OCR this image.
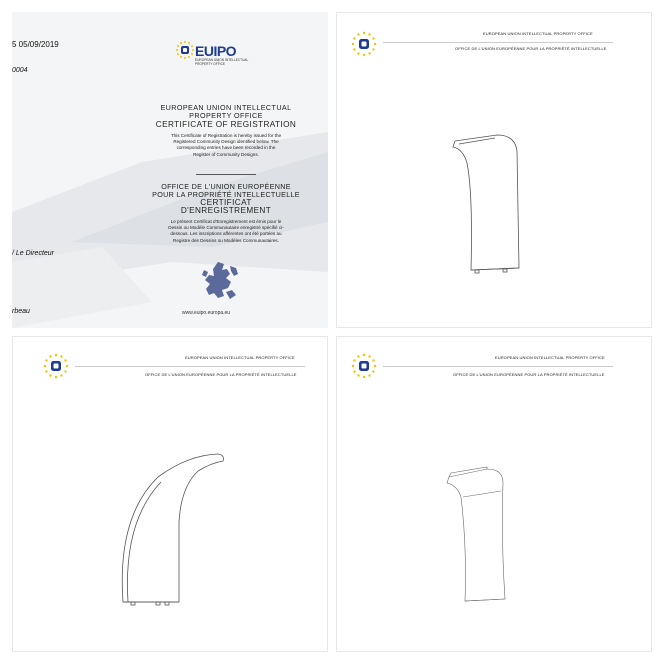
5 05/09/2019
0004
EUIPO
EUROPEAN UNION INTELLECTUAL PROPERTY OFFICE
EUROPEAN UNION INTELLECTUAL
PROPERTY OFFICE
CERTIFICATE OF REGISTRATION
This Certificate of Registration is hereby issued for the Registered Community Design identified below. The corresponding entries have been recorded in the Register of Community Designs.
OFFICE DE L'UNION EUROPÉENNE
POUR LA PROPRIÉTÉ INTELLECTUELLE
CERTIFICAT
D'ENREGISTREMENT
Le présent Certificat d'Enregistrement est émis pour le Dessin ou Modèle Communautaire enregistré spécifié ci-dessous. Les inscriptions afférentes ont été portées au Registre des Dessins ou Modèles Communautaires.
/ Le Directeur
rbeau	www.euipo.europa.eu
EUROPEAN UNION INTELLECTUAL PROPERTY OFFICE
OFFICE DE L'UNION EUROPÉENNE POUR LA PROPRIÉTÉ INTELLECTUELLE
EUROPEAN UNION INTELLECTUAL PROPERTY OFFICE
OFFICE DE L'UNION EUROPÉENNE POUR LA PROPRIÉTÉ INTELLECTUELLE
EUROPEAN UNION INTELLECTUAL PROPERTY OFFICE
OFFICE DE L'UNION EUROPÉENNE POUR LA PROPRIÉTÉ INTELLECTUELLE
